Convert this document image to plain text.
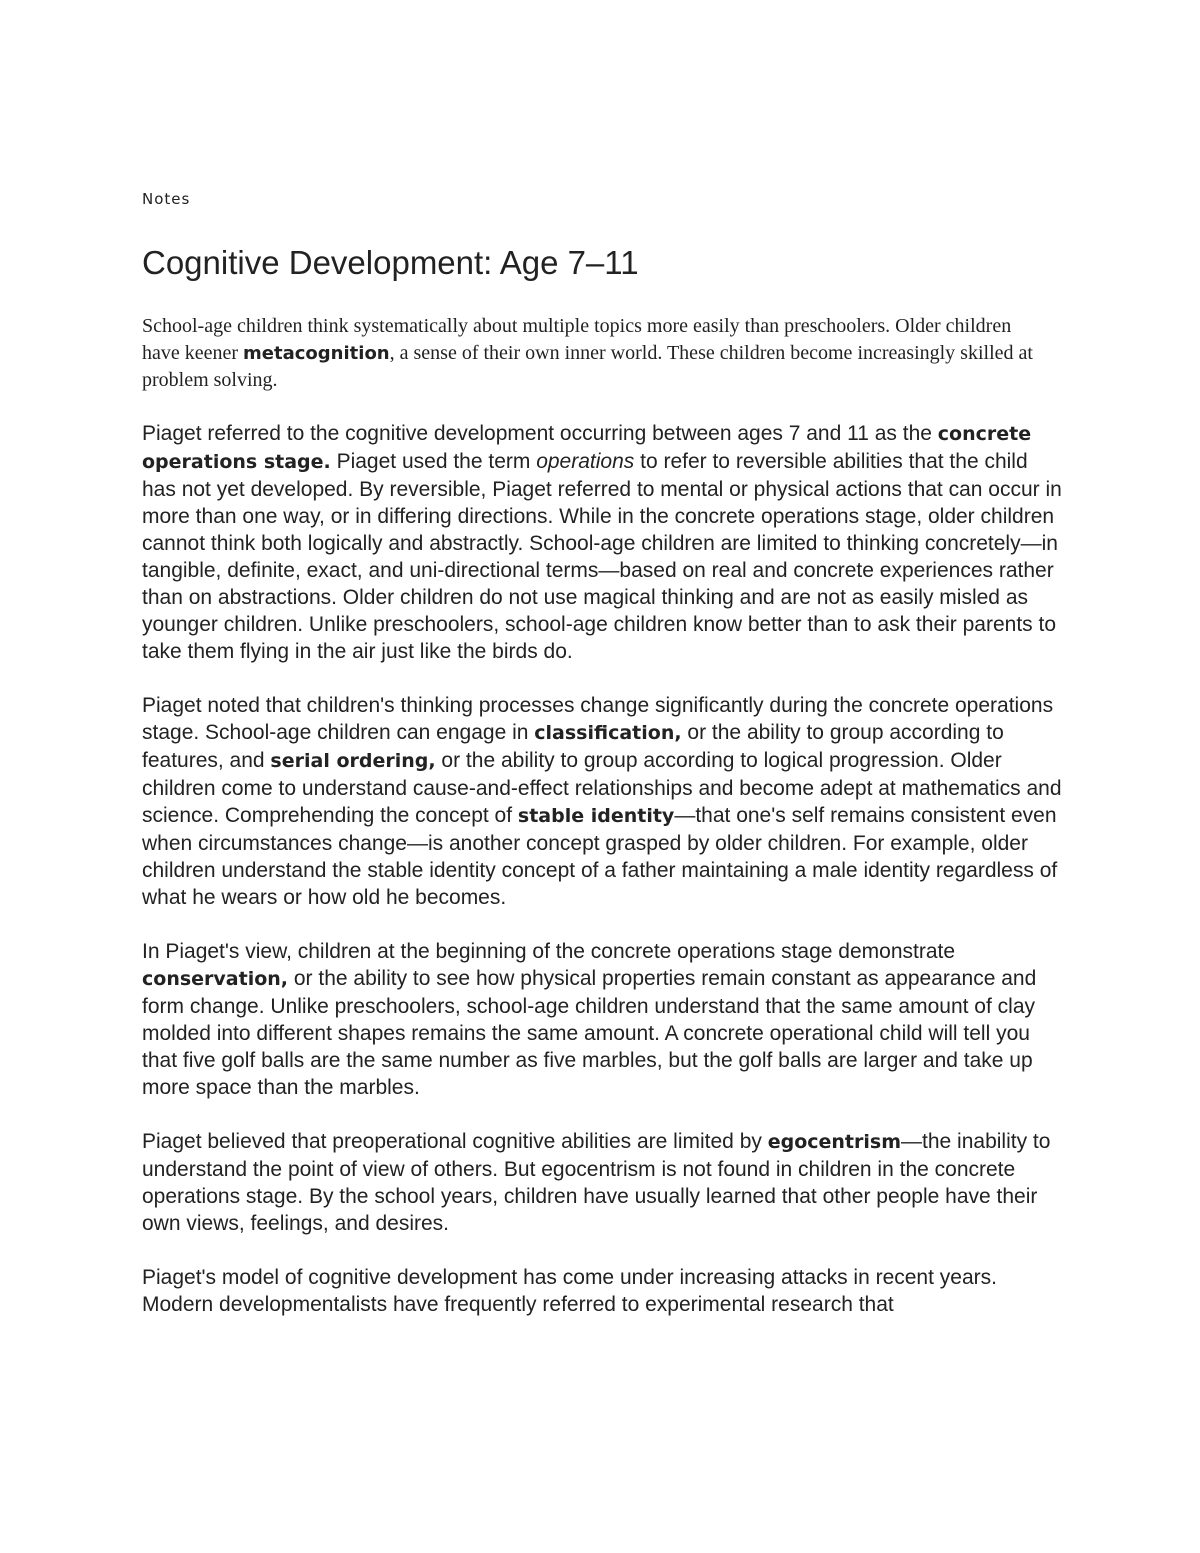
Notes
Cognitive Development: Age 7–11

School-age children think systematically about multiple topics more easily than preschoolers. Older children have keener metacognition, a sense of their own inner world. These children become increasingly skilled at problem solving.

Piaget referred to the cognitive development occurring between ages 7 and 11 as the concrete operations stage. Piaget used the term operations to refer to reversible abilities that the child has not yet developed. By reversible, Piaget referred to mental or physical actions that can occur in more than one way, or in differing directions. While in the concrete operations stage, older children cannot think both logically and abstractly. School-age children are limited to thinking concretely—in tangible, definite, exact, and uni-directional terms—based on real and concrete experiences rather than on abstractions. Older children do not use magical thinking and are not as easily misled as younger children. Unlike preschoolers, school-age children know better than to ask their parents to take them flying in the air just like the birds do.

Piaget noted that children's thinking processes change significantly during the concrete operations stage. School-age children can engage in classification, or the ability to group according to features, and serial ordering, or the ability to group according to logical progression. Older children come to understand cause-and-effect relationships and become adept at mathematics and science. Comprehending the concept of stable identity—that one's self remains consistent even when circumstances change—is another concept grasped by older children. For example, older children understand the stable identity concept of a father maintaining a male identity regardless of what he wears or how old he becomes.

In Piaget's view, children at the beginning of the concrete operations stage demonstrate conservation, or the ability to see how physical properties remain constant as appearance and form change. Unlike preschoolers, school-age children understand that the same amount of clay molded into different shapes remains the same amount. A concrete operational child will tell you that five golf balls are the same number as five marbles, but the golf balls are larger and take up more space than the marbles.

Piaget believed that preoperational cognitive abilities are limited by egocentrism—the inability to understand the point of view of others. But egocentrism is not found in children in the concrete operations stage. By the school years, children have usually learned that other people have their own views, feelings, and desires.

Piaget's model of cognitive development has come under increasing attacks in recent years. Modern developmentalists have frequently referred to experimental research that
